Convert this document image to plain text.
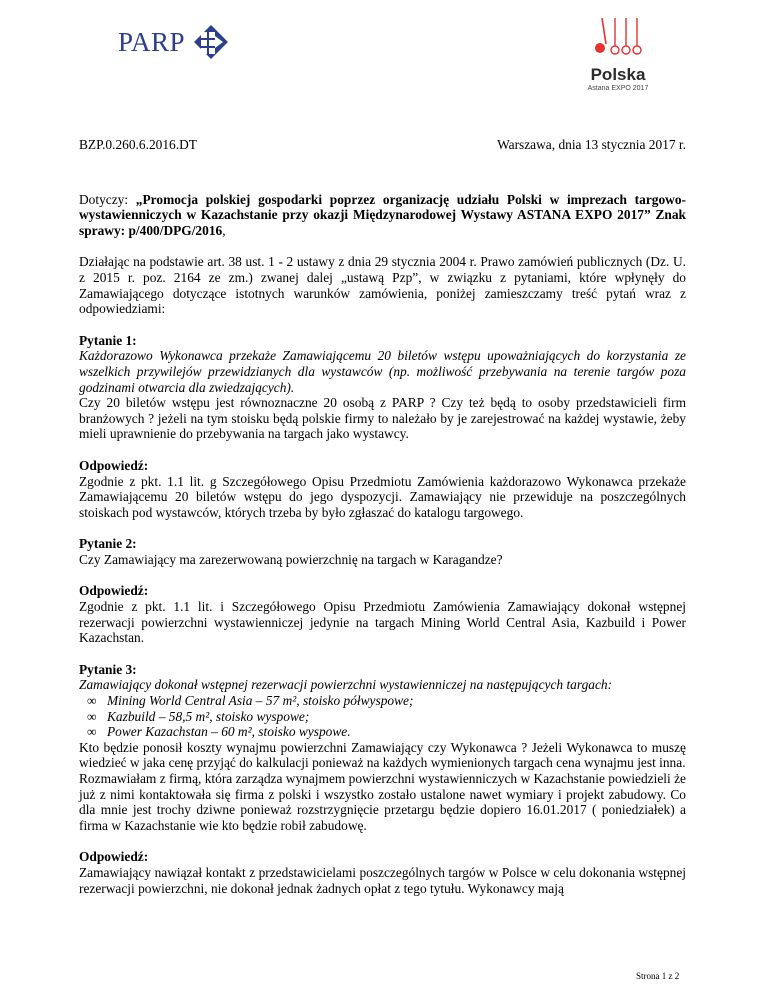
PARP
Polska
Astana EXPO 2017
BZP.0.260.6.2016.DT	Warszawa, dnia 13 stycznia 2017 r.

Dotyczy: „Promocja polskiej gospodarki poprzez organizację udziału Polski w imprezach targowo-wystawienniczych w Kazachstanie przy okazji Międzynarodowej Wystawy ASTANA EXPO 2017” Znak sprawy: p/400/DPG/2016,

Działając na podstawie art. 38 ust. 1 - 2 ustawy z dnia 29 stycznia 2004 r. Prawo zamówień publicznych (Dz. U. z 2015 r. poz. 2164 ze zm.) zwanej dalej „ustawą Pzp”, w związku z pytaniami, które wpłynęły do Zamawiającego dotyczące istotnych warunków zamówienia, poniżej zamieszczamy treść pytań wraz z odpowiedziami:

Pytanie 1:

Każdorazowo Wykonawca przekaże Zamawiającemu 20 biletów wstępu upoważniających do korzystania ze wszelkich przywilejów przewidzianych dla wystawców (np. możliwość przebywania na terenie targów poza godzinami otwarcia dla zwiedzających).

Czy 20 biletów wstępu jest równoznaczne 20 osobą z PARP ? Czy też będą to osoby przedstawicieli firm branżowych ? jeżeli na tym stoisku będą polskie firmy to należało by je zarejestrować na każdej wystawie, żeby mieli uprawnienie do przebywania na targach jako wystawcy.

Odpowiedź:

Zgodnie z pkt. 1.1 lit. g Szczegółowego Opisu Przedmiotu Zamówienia każdorazowo Wykonawca przekaże Zamawiającemu 20 biletów wstępu do jego dyspozycji. Zamawiający nie przewiduje na poszczególnych stoiskach pod wystawców, których trzeba by było zgłaszać do katalogu targowego.

Pytanie 2:

Czy Zamawiający ma zarezerwowaną powierzchnię na targach w Karagandze?

Odpowiedź:

Zgodnie z pkt. 1.1 lit. i Szczegółowego Opisu Przedmiotu Zamówienia Zamawiający dokonał wstępnej rezerwacji powierzchni wystawienniczej jedynie na targach Mining World Central Asia, Kazbuild i Power Kazachstan.

Pytanie 3:

Zamawiający dokonał wstępnej rezerwacji powierzchni wystawienniczej na następujących targach:

∞ Mining World Central Asia – 57 m², stoisko półwyspowe;
∞ Kazbuild – 58,5 m², stoisko wyspowe;
∞ Power Kazachstan – 60 m², stoisko wyspowe.

Kto będzie ponosił koszty wynajmu powierzchni Zamawiający czy Wykonawca ? Jeżeli Wykonawca to muszę wiedzieć w jaka cenę przyjąć do kalkulacji ponieważ na każdych wymienionych targach cena wynajmu jest inna.

Rozmawiałam z firmą, która zarządza wynajmem powierzchni wystawienniczych w Kazachstanie powiedzieli że już z nimi kontaktowała się firma z polski i wszystko zostało ustalone nawet wymiary i projekt zabudowy. Co dla mnie jest trochy dziwne ponieważ rozstrzygnięcie przetargu będzie dopiero 16.01.2017 ( poniedziałek) a firma w Kazachstanie wie kto będzie robił zabudowę.

Odpowiedź:

Zamawiający nawiązał kontakt z przedstawicielami poszczególnych targów w Polsce w celu dokonania wstępnej rezerwacji powierzchni, nie dokonał jednak żadnych opłat z tego tytułu. Wykonawcy mają

Strona 1 z 2
